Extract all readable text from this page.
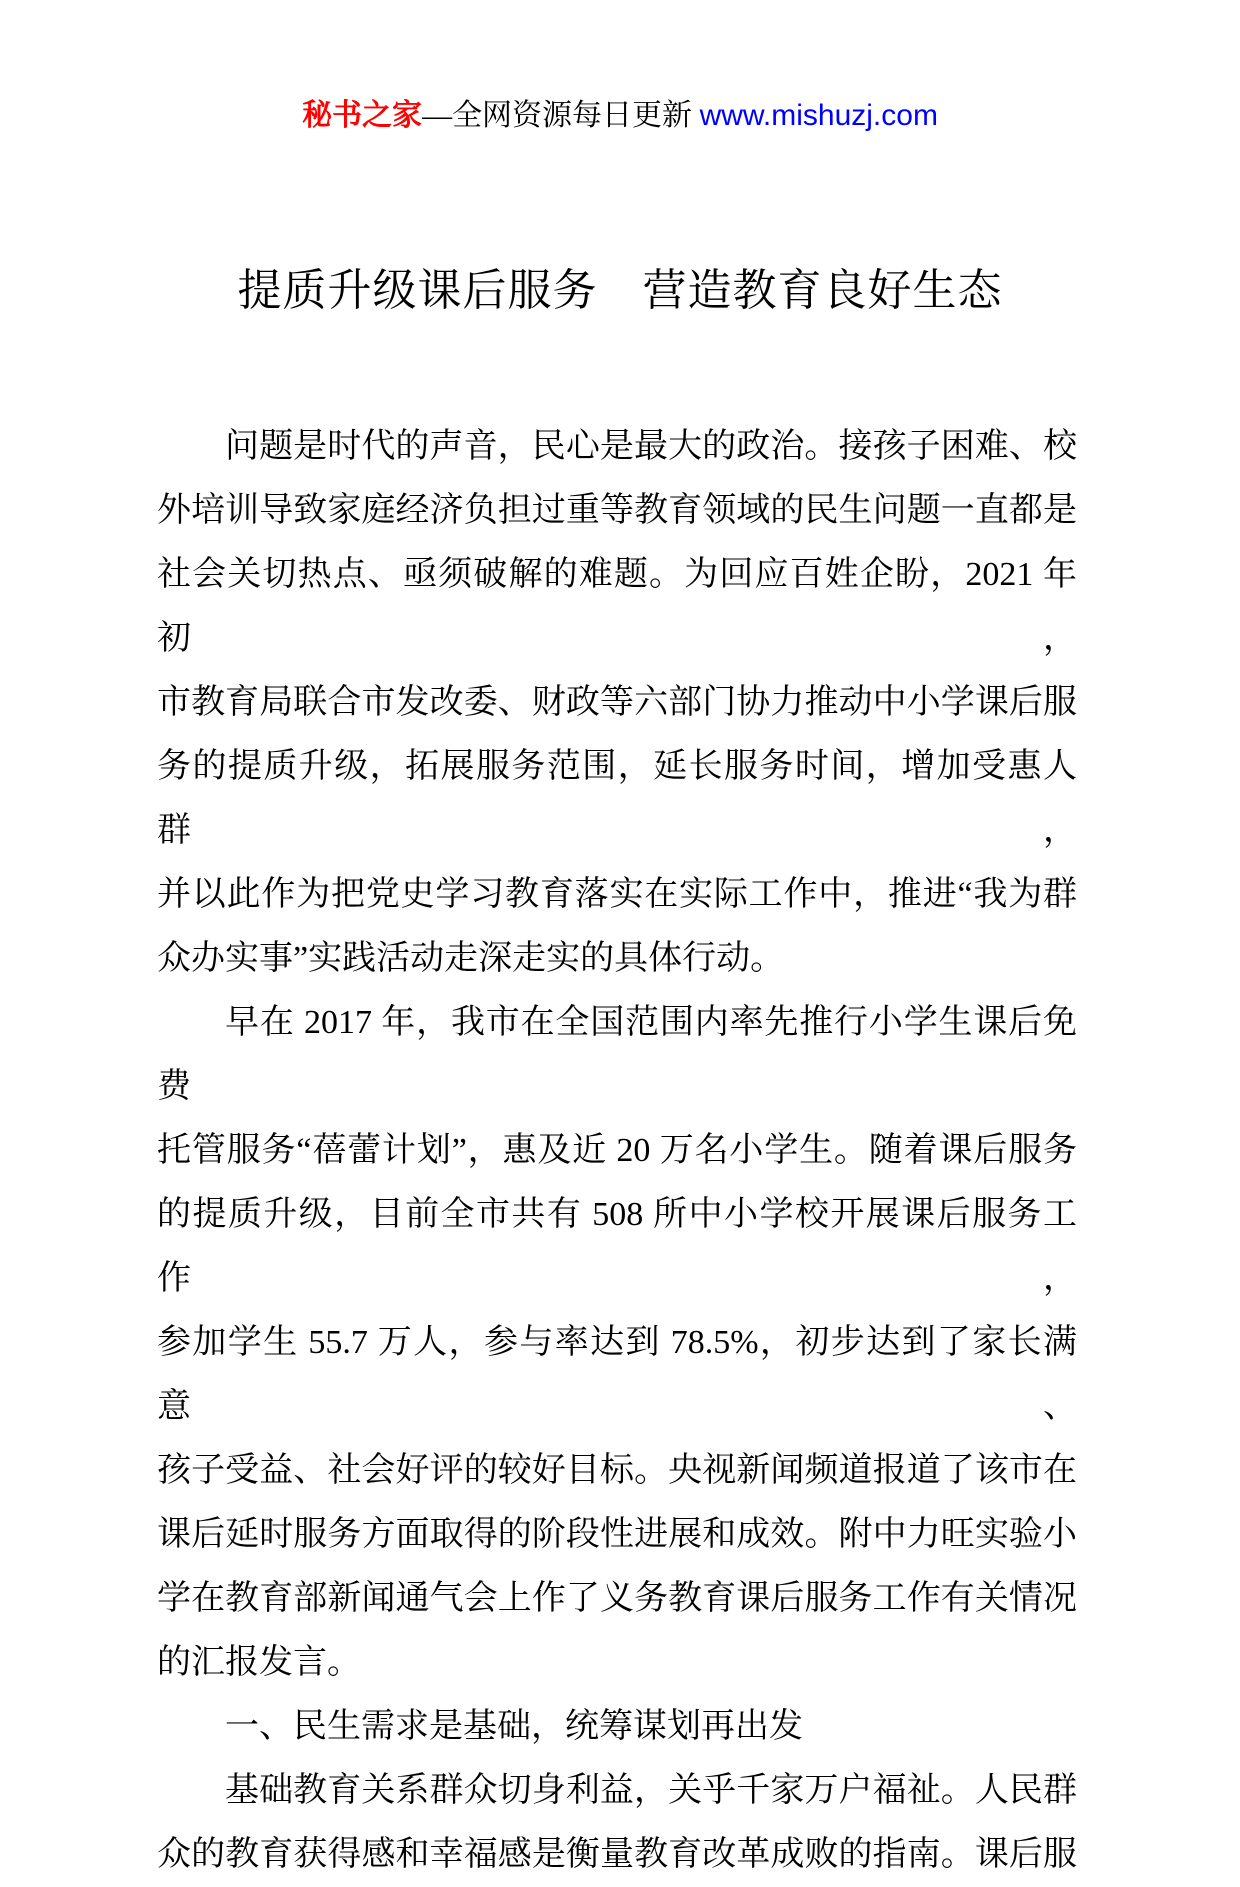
秘书之家—全网资源每日更新 www.mishuzj.com
提质升级课后服务　营造教育良好生态
问题是时代的声音，民心是最大的政治。接孩子困难、校
外培训导致家庭经济负担过重等教育领域的民生问题一直都是
社会关切热点、亟须破解的难题。为回应百姓企盼，2021 年初，
市教育局联合市发改委、财政等六部门协力推动中小学课后服
务的提质升级，拓展服务范围，延长服务时间，增加受惠人群，
并以此作为把党史学习教育落实在实际工作中，推进“我为群
众办实事”实践活动走深走实的具体行动。
早在 2017 年，我市在全国范围内率先推行小学生课后免费
托管服务“蓓蕾计划”，惠及近 20 万名小学生。随着课后服务
的提质升级，目前全市共有 508 所中小学校开展课后服务工作，
参加学生 55.7 万人，参与率达到 78.5%，初步达到了家长满意、
孩子受益、社会好评的较好目标。央视新闻频道报道了该市在
课后延时服务方面取得的阶段性进展和成效。附中力旺实验小
学在教育部新闻通气会上作了义务教育课后服务工作有关情况
的汇报发言。
一、民生需求是基础，统筹谋划再出发
基础教育关系群众切身利益，关乎千家万户福祉。人民群
众的教育获得感和幸福感是衡量教育改革成败的指南。课后服
